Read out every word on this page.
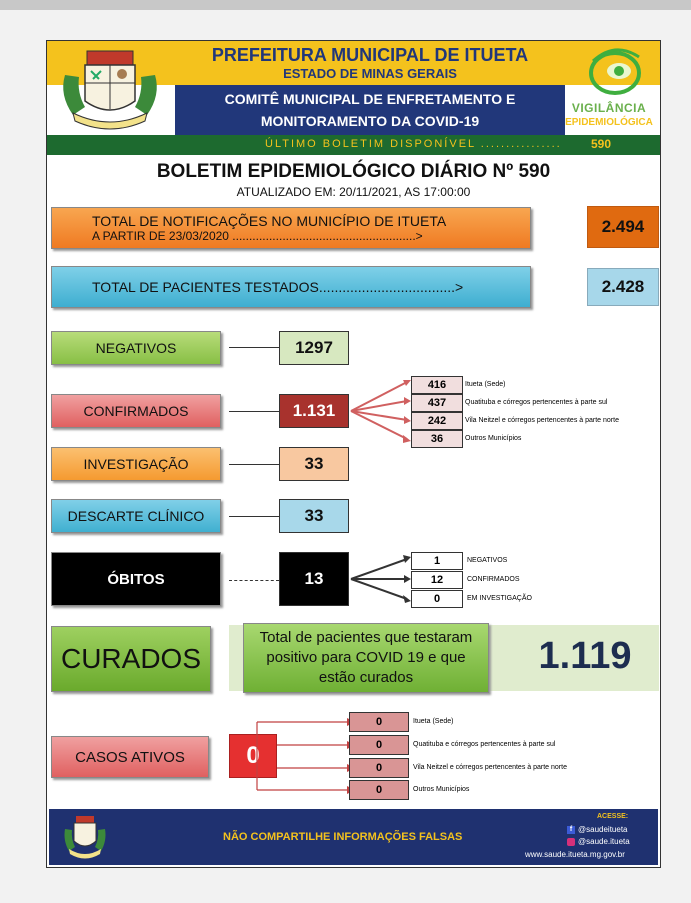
VIGILÂNCIA
EPIDEMIOLÓGICA
PREFEITURA MUNICIPAL DE ITUETA
ESTADO DE MINAS GERAIS
COMITÊ MUNICIPAL DE ENFRETAMENTO E
MONITORAMENTO DA COVID-19
ÚLTIMO BOLETIM DISPONÍVEL ................ 590
BOLETIM EPIDEMIOLÓGICO DIÁRIO Nº 590
ATUALIZADO EM: 20/11/2021, AS 17:00:00
TOTAL DE NOTIFICAÇÕES NO MUNICÍPIO DE ITUETA
A PARTIR DE 23/03/2020 .......................................................>	2.494
TOTAL DE PACIENTES TESTADOS...................................>	2.428
NEGATIVOS	1297
CONFIRMADOS	1.131
416	Itueta (Sede)
437	Quatituba e córregos pertencentes à parte sul
242	Vila Neitzel e córregos pertencentes à parte norte
36	Outros Municípios
INVESTIGAÇÃO	33
DESCARTE CLÍNICO	33
ÓBITOS	13
1	NEGATIVOS
12	CONFIRMADOS
0	EM INVESTIGAÇÃO
CURADOS
Total de pacientes que testaram positivo para COVID 19 e que estão curados
1.119
CASOS ATIVOS	0
0	Itueta (Sede)
0	Quatituba e córregos pertencentes à parte sul
0	Vila Neitzel e córregos pertencentes à parte norte
0	Outros Municípios
NÃO COMPARTILHE INFORMAÇÕES FALSAS
ACESSE:
f @saudeitueta
@saude.itueta
www.saude.itueta.mg.gov.br
